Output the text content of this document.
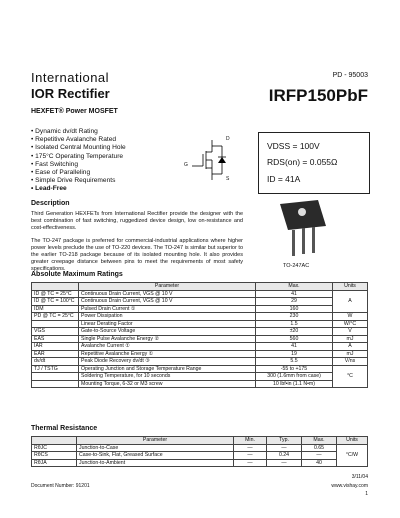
International
IOR Rectifier
PD - 95003
IRFP150PbF
HEXFET® Power MOSFET
• Dynamic dv/dt Rating
• Repetitive Avalanche Rated
• Isolated Central Mounting Hole
• 175°C Operating Temperature
• Fast Switching
• Ease of Paralleling
• Simple Drive Requirements
• Lead-Free
D
G
S
VDSS = 100V
RDS(on) = 0.055Ω
ID = 41A
Description
Third Generation HEXFETs from International Rectifier provide the designer with the best combination of fast switching, ruggedized device design, low on-resistance and cost-effectiveness.
The TO-247 package is preferred for commercial-industrial applications where higher power levels preclude the use of TO-220 devices. The TO-247 is similar but superior to the earlier TO-218 package because of its isolated mounting hole. It also provides greater creepage distance between pins to meet the requirements of most safety specifications.	TO-247AC
Absolute Maximum Ratings
	Parameter	Max.	Units
ID @ TC = 25°C	Continuous Drain Current, VGS @ 10 V	41	A
ID @ TC = 100°C	Continuous Drain Current, VGS @ 10 V	29	
IDM	Pulsed Drain Current ①	160	
PD @ TC = 25°C	Power Dissipation	230	W
	Linear Derating Factor	1.5	W/°C
VGS	Gate-to-Source Voltage	±20	V
EAS	Single Pulse Avalanche Energy ②	560	mJ
IAR	Avalanche Current ①	41	A
EAR	Repetitive Avalanche Energy ①	19	mJ
dv/dt	Peak Diode Recovery dv/dt ③	5.5	V/ns
TJ / TSTG	Operating Junction and Storage Temperature Range	-55 to +175	°C
	Soldering Temperature, for 10 seconds	300 (1.6mm from case)	
	Mounting Torque, 6-32 or M3 screw	10 lbf•in (1.1 N•m)	
Thermal Resistance
	Parameter	Min.	Typ.	Max.	Units
RθJC	Junction-to-Case	—	—	0.65	°C/W
RθCS	Case-to-Sink, Flat, Greased Surface	—	0.24	—	
RθJA	Junction-to-Ambient	—	—	40	
3/11/04
Document Number: 91201	www.vishay.com
1
